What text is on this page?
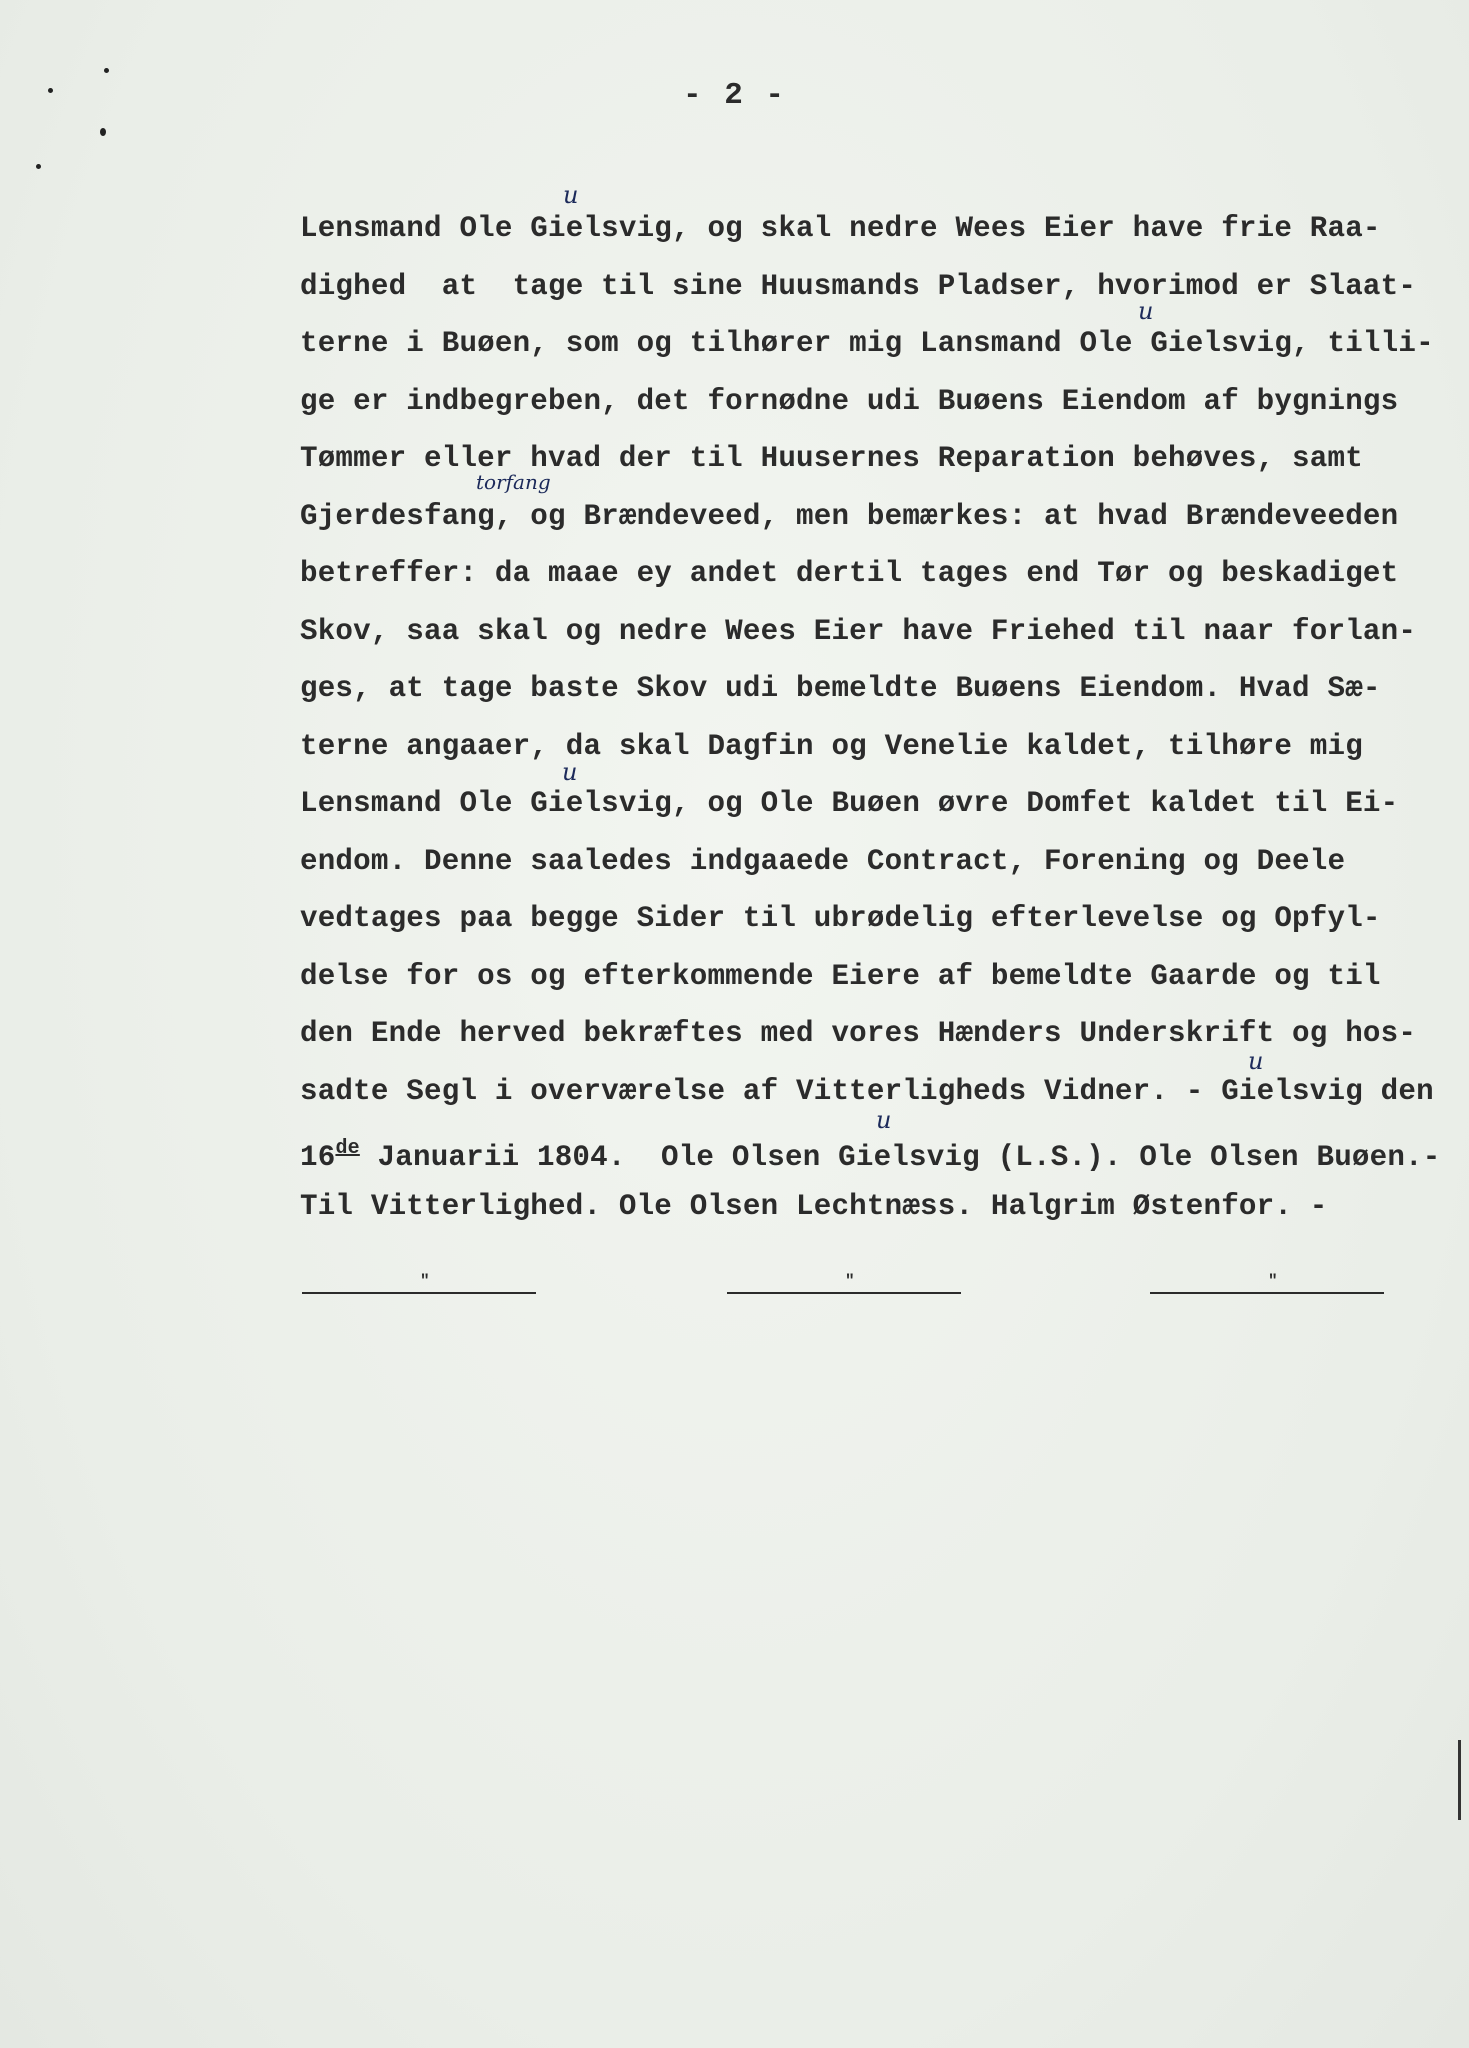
- 2 -
u
u
torfang
u
u
u
Lensmand Ole Gielsvig, og skal nedre Wees Eier have frie Raa-
dighed  at  tage til sine Huusmands Pladser, hvorimod er Slaat-
terne i Buøen, som og tilhører mig Lansmand Ole Gielsvig, tilli-
ge er indbegreben, det fornødne udi Buøens Eiendom af bygnings
Tømmer eller hvad der til Huusernes Reparation behøves, samt
Gjerdesfang, og Brændeveed, men bemærkes: at hvad Brændeveeden
betreffer: da maae ey andet dertil tages end Tør og beskadiget
Skov, saa skal og nedre Wees Eier have Friehed til naar forlan-
ges, at tage baste Skov udi bemeldte Buøens Eiendom. Hvad Sæ-
terne angaaer, da skal Dagfin og Venelie kaldet, tilhøre mig
Lensmand Ole Gielsvig, og Ole Buøen øvre Domfet kaldet til Ei-
endom. Denne saaledes indgaaede Contract, Forening og Deele
vedtages paa begge Sider til ubrødelig efterlevelse og Opfyl-
delse for os og efterkommende Eiere af bemeldte Gaarde og til
den Ende herved bekræftes med vores Hænders Underskrift og hos-
sadte Segl i overværelse af Vitterligheds Vidner. - Gielsvig den
16de Januarii 1804.  Ole Olsen Gielsvig (L.S.). Ole Olsen Buøen.-
Til Vitterlighed. Ole Olsen Lechtnæss. Halgrim Østenfor. -
"	"	"
